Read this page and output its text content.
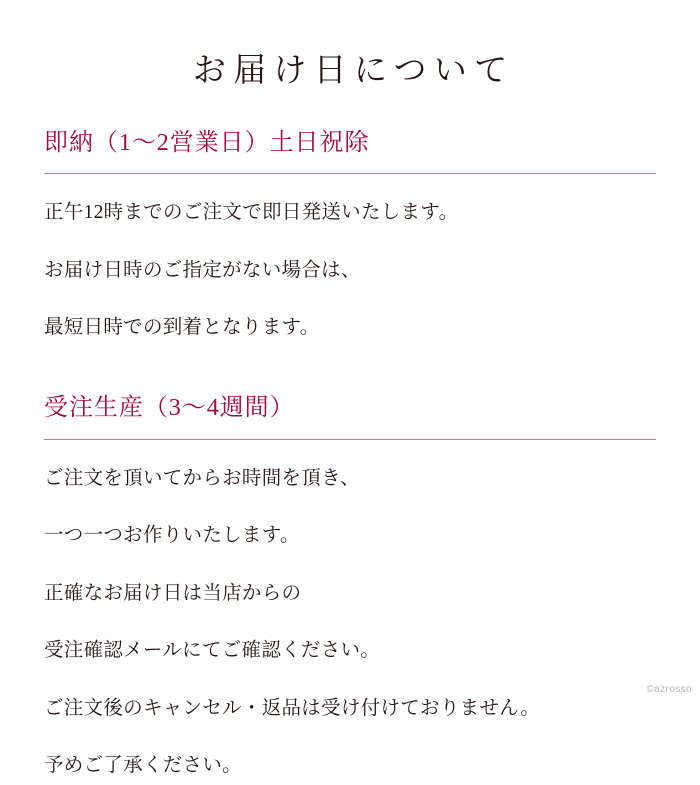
お届け日について
即納（1〜2営業日）土日祝除

正午12時までのご注文で即日発送いたします。

お届け日時のご指定がない場合は、

最短日時での到着となります。

受注生産（3〜4週間）

ご注文を頂いてからお時間を頂き、

一つ一つお作りいたします。

正確なお届け日は当店からの

受注確認メールにてご確認ください。

ご注文後のキャンセル・返品は受け付けておりません。

予めご了承ください。

©azrosso
